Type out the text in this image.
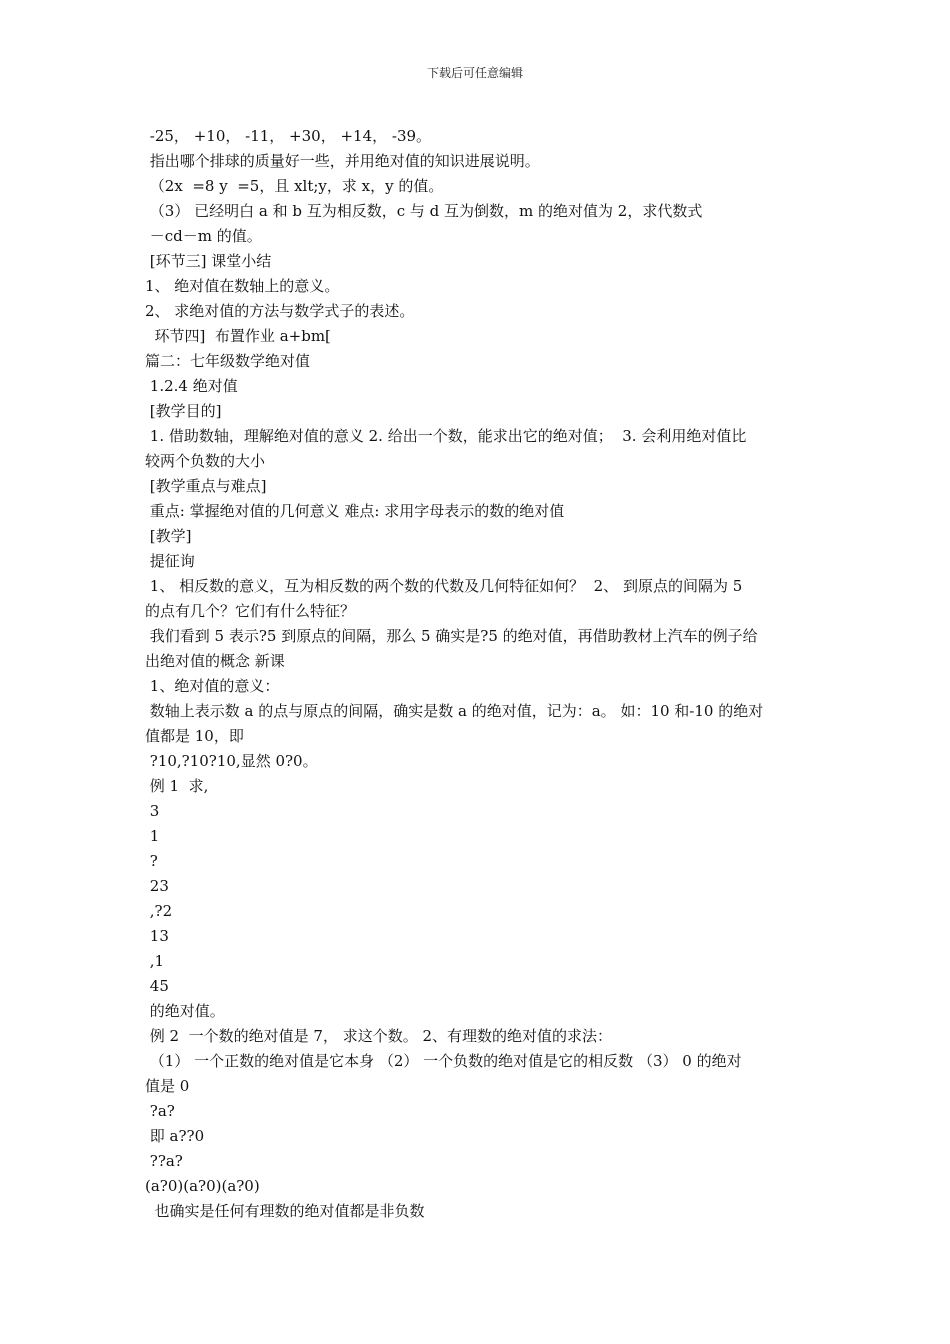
下载后可任意编辑

-25， +10， -11， +30， +14， -39。

指出哪个排球的质量好一些，并用绝对值的知识进展说明。

（2x  =8 y  =5，且 xlt;y，求 x，y 的值。

（3） 已经明白 a 和 b 互为相反数，c 与 d 互为倒数，m 的绝对值为 2，求代数式

－cd－m 的值。

[环节三] 课堂小结

1、 绝对值在数轴上的意义。

2、 求绝对值的方法与数学式子的表述。

环节四]  布置作业 a+bm[

篇二：七年级数学绝对值

1.2.4 绝对值

[教学目的]

1. 借助数轴，理解绝对值的意义 2. 给出一个数，能求出它的绝对值；  3. 会利用绝对值比

较两个负数的大小

[教学重点与难点]

重点: 掌握绝对值的几何意义 难点: 求用字母表示的数的绝对值

[教学]

提征询

1、 相反数的意义，互为相反数的两个数的代数及几何特征如何？  2、 到原点的间隔为 5

的点有几个？它们有什么特征？

我们看到 5 表示?5 到原点的间隔，那么 5 确实是?5 的绝对值，再借助教材上汽车的例子给

出绝对值的概念 新课

1、绝对值的意义：

数轴上表示数 a 的点与原点的间隔，确实是数 a 的绝对值，记为：a。 如：10 和-10 的绝对

值都是 10，即

?10,?10?10,显然 0?0。

例 1  求,

3

1

?

23

,?2

13

,1

45

的绝对值。

例 2  一个数的绝对值是 7， 求这个数。 2、有理数的绝对值的求法：

（1） 一个正数的绝对值是它本身 （2） 一个负数的绝对值是它的相反数 （3） 0 的绝对

值是 0

?a?

即 a??0

??a?

(a?0)(a?0)(a?0)

也确实是任何有理数的绝对值都是非负数
